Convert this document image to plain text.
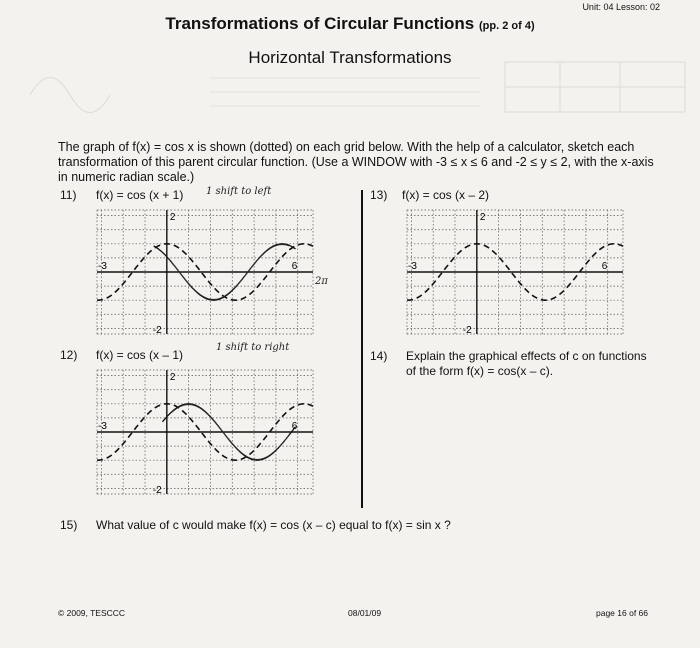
Unit: 04 Lesson: 02
Transformations of Circular Functions (pp. 2 of 4)
Horizontal Transformations
The graph of f(x) = cos x is shown (dotted) on each grid below. With the help of a calculator, sketch each transformation of this parent circular function. (Use a WINDOW with -3 ≤ x ≤ 6 and -2 ≤ y ≤ 2, with the x-axis in numeric radian scale.)
11) f(x) = cos (x + 1) 1 shift to left
2π
13) f(x) = cos (x – 2)
12) f(x) = cos (x – 1)
1 shift to right
14) Explain the graphical effects of c on functions of the form f(x) = cos(x – c).
15) What value of c would make f(x) = cos (x – c) equal to f(x) = sin x ?
2
-2
-3	6
2
-2
-3	6
2
-2
-3	6
© 2009, TESCCC	08/01/09	page 16 of 66
